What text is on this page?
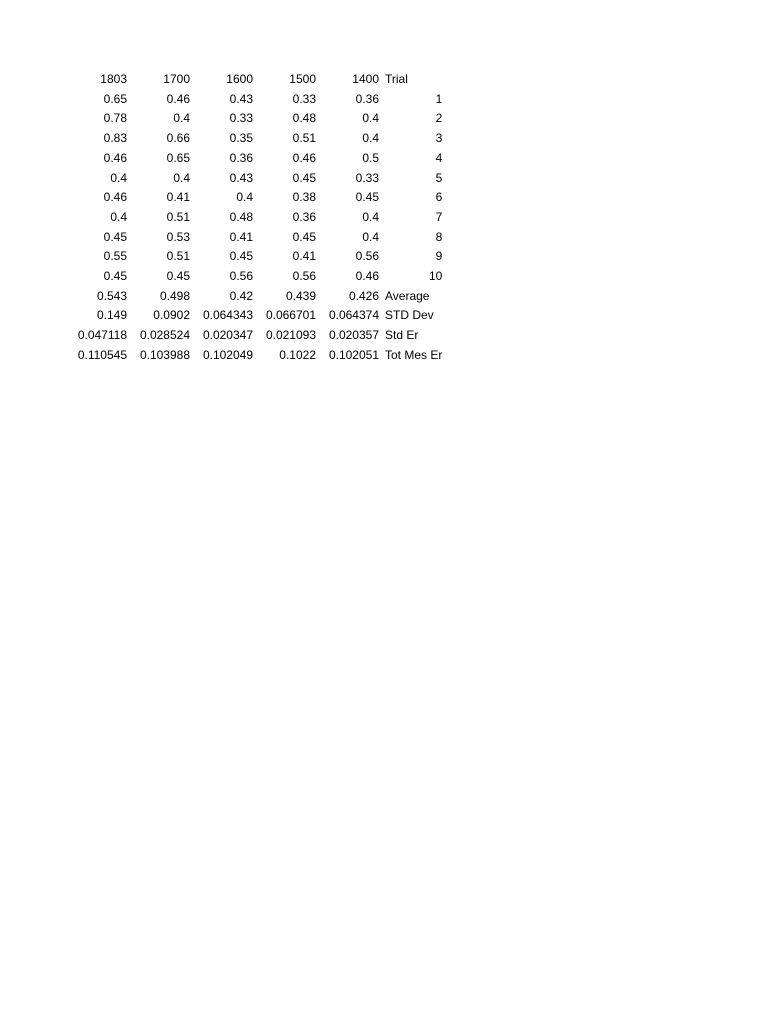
1803	1700	1600	1500	1400	Trial
0.65	0.46	0.43	0.33	0.36	1
0.78	0.4	0.33	0.48	0.4	2
0.83	0.66	0.35	0.51	0.4	3
0.46	0.65	0.36	0.46	0.5	4
0.4	0.4	0.43	0.45	0.33	5
0.46	0.41	0.4	0.38	0.45	6
0.4	0.51	0.48	0.36	0.4	7
0.45	0.53	0.41	0.45	0.4	8
0.55	0.51	0.45	0.41	0.56	9
0.45	0.45	0.56	0.56	0.46	10
0.543	0.498	0.42	0.439	0.426	Average
0.149	0.0902	0.064343	0.066701	0.064374	STD Dev
0.047118	0.028524	0.020347	0.021093	0.020357	Std Er
0.110545	0.103988	0.102049	0.1022	0.102051	Tot Mes Er
